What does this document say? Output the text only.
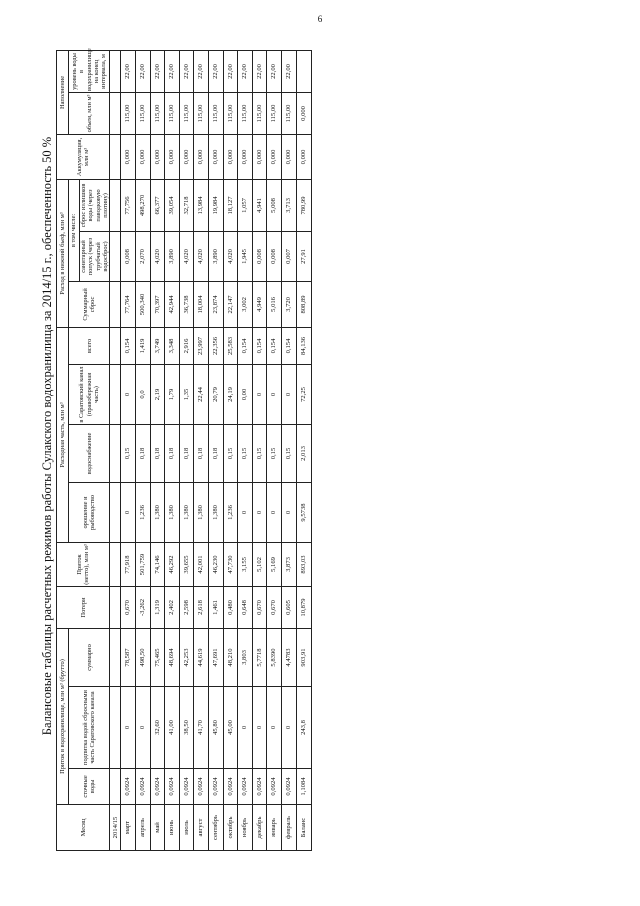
6
Балансовые таблицы расчетных режимов работы Сулакского водохранилища за 2014/15 г., обеспеченность 50 %
Месяц	Приток в водохранилище, млн м³ (брутто)			Потери	Приток (нетто), млн м³	Расходная часть, млн м³				Расход в нижний бьеф, млн м³			Аккумуляция, млн м³	Наполнение	
	сточные воды	подпитка водой сбросными часть Саратовского канала	суммарно			орошение и рыбоводство	водоснабжение	в Саратовский канал (правобережная часть)	всего	Суммарный сброс	в том числе:			объем, млн м³	уровень воды в водохранилище на конец интервала, м
											санитарный попуск (через трубчатый водосброс)	сброс излишков воды (через паводковую плотину)			

2014/15															
март	0,0924	0	78,587	0,670	77,918	0	0,15	0	0,154	77,764	0,008	77,756	0,000	115,00	22,00
апрель	0,0924	0	498,50	-3,262	501,759	1,236	0,18	0,0	1,419	500,340	2,070	498,270	0,000	115,00	22,00
май	0,0924	32,60	75,465	1,319	74,146	1,380	0,18	2,19	3,749	70,397	4,020	66,377	0,000	115,00	22,00
июнь	0,0924	41,00	48,694	2,402	46,292	1,380	0,18	1,79	3,348	42,944	3,890	39,054	0,000	115,00	22,00
июль	0,0924	38,50	42,253	2,598	39,655	1,380	0,18	1,35	2,916	36,738	4,020	32,718	0,000	115,00	22,00
август	0,0924	41,70	44,619	2,618	42,001	1,380	0,18	22,44	23,997	18,004	4,020	13,984	0,000	115,00	22,00
сентябрь	0,0924	45,80	47,691	1,461	46,230	1,380	0,18	20,79	22,356	23,874	3,890	19,984	0,000	115,00	22,00
октябрь	0,0924	45,00	48,210	0,480	47,730	1,236	0,15	24,19	25,583	22,147	4,020	18,127	0,000	115,00	22,00
ноябрь	0,0924	0	3,803	0,648	3,155	0	0,15	0,00	0,154	3,002	1,945	1,057	0,000	115,00	22,00
декабрь	0,0924	0	5,7718	0,670	5,102	0	0,15	0	0,154	4,949	0,008	4,941	0,000	115,00	22,00
январь	0,0924	0	5,8390	0,670	5,169	0	0,15	0	0,154	5,016	0,008	5,008	0,000	115,00	22,00
февраль	0,0924	0	4,4783	0,605	3,873	0	0,15	0	0,154	3,720	0,007	3,713	0,000	115,00	22,00
Баланс	1,1084	243,8	903,91	10,879	893,03	9,5738	2,013	72,25	84,136	808,89	27,91	780,99	0,000	0,000	
